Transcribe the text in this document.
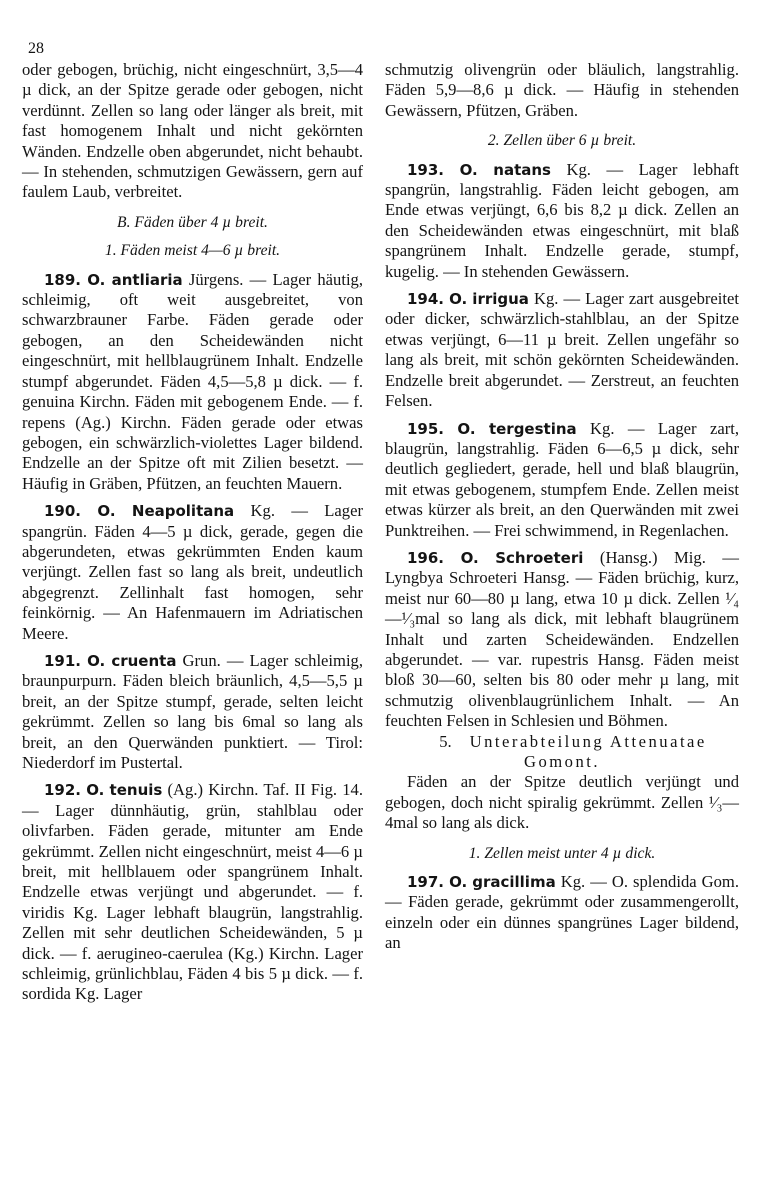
28

oder gebogen, brüchig, nicht eingeschnürt, 3,5—4 µ dick, an der Spitze gerade oder gebogen, nicht verdünnt. Zellen so lang oder länger als breit, mit fast homogenem Inhalt und nicht gekörnten Wänden. Endzelle oben abgerundet, nicht behaubt. — In stehenden, schmutzigen Gewässern, gern auf faulem Laub, verbreitet.

B. Fäden über 4 µ breit.

1. Fäden meist 4—6 µ breit.

189. O. antliaria Jürgens. — Lager häutig, schleimig, oft weit ausgebreitet, von schwarzbrauner Farbe. Fäden gerade oder gebogen, an den Scheidewänden nicht eingeschnürt, mit hellblaugrünem Inhalt. Endzelle stumpf abgerundet. Fäden 4,5—5,8 µ dick. — f. genuina Kirchn. Fäden mit gebogenem Ende. — f. repens (Ag.) Kirchn. Fäden gerade oder etwas gebogen, ein schwärzlich-violettes Lager bildend. Endzelle an der Spitze oft mit Zilien besetzt. — Häufig in Gräben, Pfützen, an feuchten Mauern.

190. O. Neapolitana Kg. — Lager spangrün. Fäden 4—5 µ dick, gerade, gegen die abgerundeten, etwas gekrümmten Enden kaum verjüngt. Zellen fast so lang als breit, undeutlich abgegrenzt. Zellinhalt fast homogen, sehr feinkörnig. — An Hafenmauern im Adriatischen Meere.

191. O. cruenta Grun. — Lager schleimig, braunpurpurn. Fäden bleich bräunlich, 4,5—5,5 µ breit, an der Spitze stumpf, gerade, selten leicht gekrümmt. Zellen so lang bis 6mal so lang als breit, an den Querwänden punktiert. — Tirol: Niederdorf im Pustertal.

192. O. tenuis (Ag.) Kirchn. Taf. II Fig. 14. — Lager dünnhäutig, grün, stahlblau oder olivfarben. Fäden gerade, mitunter am Ende gekrümmt. Zellen nicht eingeschnürt, meist 4—6 µ breit, mit hellblauem oder spangrünem Inhalt. Endzelle etwas verjüngt und abgerundet. — f. viridis Kg. Lager lebhaft blaugrün, langstrahlig. Zellen mit sehr deutlichen Scheidewänden, 5 µ dick. — f. aerugineo-caerulea (Kg.) Kirchn. Lager schleimig, grünlichblau, Fäden 4 bis 5 µ dick. — f. sordida Kg. Lager

schmutzig olivengrün oder bläulich, langstrahlig. Fäden 5,9—8,6 µ dick. — Häufig in stehenden Gewässern, Pfützen, Gräben.

2. Zellen über 6 µ breit.

193. O. natans Kg. — Lager lebhaft spangrün, langstrahlig. Fäden leicht gebogen, am Ende etwas verjüngt, 6,6 bis 8,2 µ dick. Zellen an den Scheidewänden etwas eingeschnürt, mit blaß spangrünem Inhalt. Endzelle gerade, stumpf, kugelig. — In stehenden Gewässern.

194. O. irrigua Kg. — Lager zart ausgebreitet oder dicker, schwärzlich-stahlblau, an der Spitze etwas verjüngt, 6—11 µ breit. Zellen ungefähr so lang als breit, mit schön gekörnten Scheidewänden. Endzelle breit abgerundet. — Zerstreut, an feuchten Felsen.

195. O. tergestina Kg. — Lager zart, blaugrün, langstrahlig. Fäden 6—6,5 µ dick, sehr deutlich gegliedert, gerade, hell und blaß blaugrün, mit etwas gebogenem, stumpfem Ende. Zellen meist etwas kürzer als breit, an den Querwänden mit zwei Punktreihen. — Frei schwimmend, in Regenlachen.

196. O. Schroeteri (Hansg.) Mig. — Lyngbya Schroeteri Hansg. — Fäden brüchig, kurz, meist nur 60—80 µ lang, etwa 10 µ dick. Zellen ¹⁄₄—¹⁄₃mal so lang als dick, mit lebhaft blaugrünem Inhalt und zarten Scheidewänden. Endzellen abgerundet. — var. rupestris Hansg. Fäden meist bloß 30—60, selten bis 80 oder mehr µ lang, mit schmutzig olivenblaugrünlichem Inhalt. — An feuchten Felsen in Schlesien und Böhmen.

5. Unterabteilung Attenuatae Gomont.

Fäden an der Spitze deutlich verjüngt und gebogen, doch nicht spiralig gekrümmt. Zellen ¹⁄₃—4mal so lang als dick.

1. Zellen meist unter 4 µ dick.

197. O. gracillima Kg. — O. splendida Gom. — Fäden gerade, gekrümmt oder zusammengerollt, einzeln oder ein dünnes spangrünes Lager bildend, an
